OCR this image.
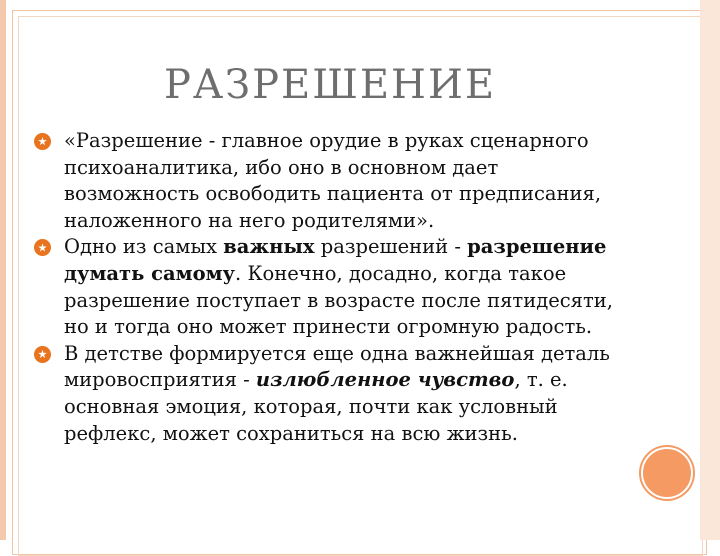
РАЗРЕШЕНИЕ
«Разрешение - главное орудие в руках сценарного психоаналитика, ибо оно в основном дает возможность освободить пациента от предписания, наложенного на него родителями».
Одно из самых важных разрешений - разрешение думать самому. Конечно, досадно, когда такое разрешение поступает в возрасте после пятидесяти, но и тогда оно может принести огромную радость.
В детстве формируется еще одна важнейшая деталь мировосприятия - излюбленное чувство, т. е. основная эмоция, которая, почти как условный рефлекс, может сохраниться на всю жизнь.
